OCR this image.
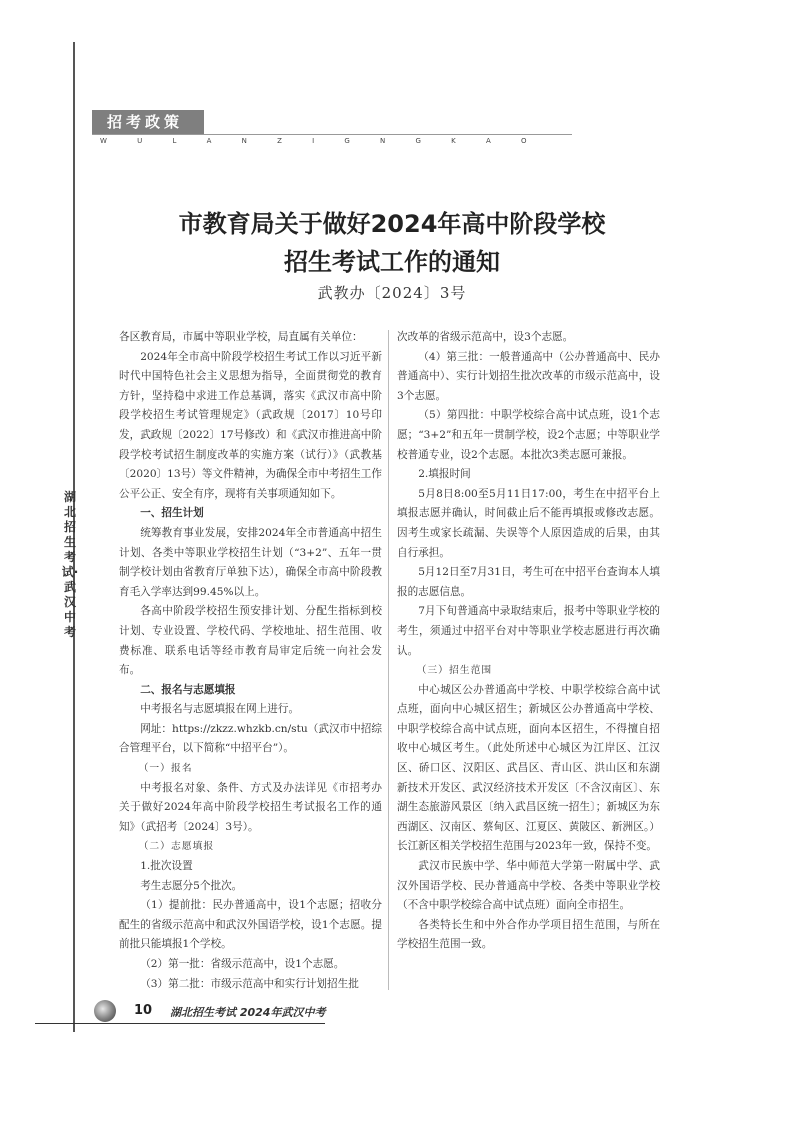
招考政策
W U L A N Z I G N G K A O
湖北招生考试·武汉中考
市教育局关于做好2024年高中阶段学校
招生考试工作的通知
武教办〔2024〕3号

各区教育局，市属中等职业学校，局直属有关单位：

2024年全市高中阶段学校招生考试工作以习近平新时代中国特色社会主义思想为指导，全面贯彻党的教育方针，坚持稳中求进工作总基调，落实《武汉市高中阶段学校招生考试管理规定》（武政规〔2017〕10号印发，武政规〔2022〕17号修改）和《武汉市推进高中阶段学校考试招生制度改革的实施方案（试行）》（武教基〔2020〕13号）等文件精神，为确保全市中考招生工作公平公正、安全有序，现将有关事项通知如下。

一、招生计划

统筹教育事业发展，安排2024年全市普通高中招生计划、各类中等职业学校招生计划（“3+2”、五年一贯制学校计划由省教育厅单独下达），确保全市高中阶段教育毛入学率达到99.45%以上。

各高中阶段学校招生预安排计划、分配生指标到校计划、专业设置、学校代码、学校地址、招生范围、收费标准、联系电话等经市教育局审定后统一向社会发布。

二、报名与志愿填报

中考报名与志愿填报在网上进行。

网址：https://zkzz.whzkb.cn/stu（武汉市中招综合管理平台，以下简称“中招平台”）。

（一）报名

中考报名对象、条件、方式及办法详见《市招考办关于做好2024年高中阶段学校招生考试报名工作的通知》（武招考〔2024〕3号）。

（二）志愿填报

1.批次设置

考生志愿分5个批次。

（1）提前批：民办普通高中，设1个志愿；招收分配生的省级示范高中和武汉外国语学校，设1个志愿。提前批只能填报1个学校。

（2）第一批：省级示范高中，设1个志愿。

（3）第二批：市级示范高中和实行计划招生批

次改革的省级示范高中，设3个志愿。

（4）第三批：一般普通高中（公办普通高中、民办普通高中）、实行计划招生批次改革的市级示范高中，设3个志愿。

（5）第四批：中职学校综合高中试点班，设1个志愿；“3+2”和五年一贯制学校，设2个志愿；中等职业学校普通专业，设2个志愿。本批次3类志愿可兼报。

2.填报时间

5月8日8:00至5月11日17:00，考生在中招平台上填报志愿并确认，时间截止后不能再填报或修改志愿。因考生或家长疏漏、失误等个人原因造成的后果，由其自行承担。

5月12日至7月31日，考生可在中招平台查询本人填报的志愿信息。

7月下旬普通高中录取结束后，报考中等职业学校的考生，须通过中招平台对中等职业学校志愿进行再次确认。

（三）招生范围

中心城区公办普通高中学校、中职学校综合高中试点班，面向中心城区招生；新城区公办普通高中学校、中职学校综合高中试点班，面向本区招生，不得擅自招收中心城区考生。（此处所述中心城区为江岸区、江汉区、硚口区、汉阳区、武昌区、青山区、洪山区和东湖新技术开发区、武汉经济技术开发区〔不含汉南区〕、东湖生态旅游风景区〔纳入武昌区统一招生〕；新城区为东西湖区、汉南区、蔡甸区、江夏区、黄陂区、新洲区。）长江新区相关学校招生范围与2023年一致，保持不变。

武汉市民族中学、华中师范大学第一附属中学、武汉外国语学校、民办普通高中学校、各类中等职业学校（不含中职学校综合高中试点班）面向全市招生。

各类特长生和中外合作办学项目招生范围，与所在学校招生范围一致。

10 湖北招生考试 2024年武汉中考
